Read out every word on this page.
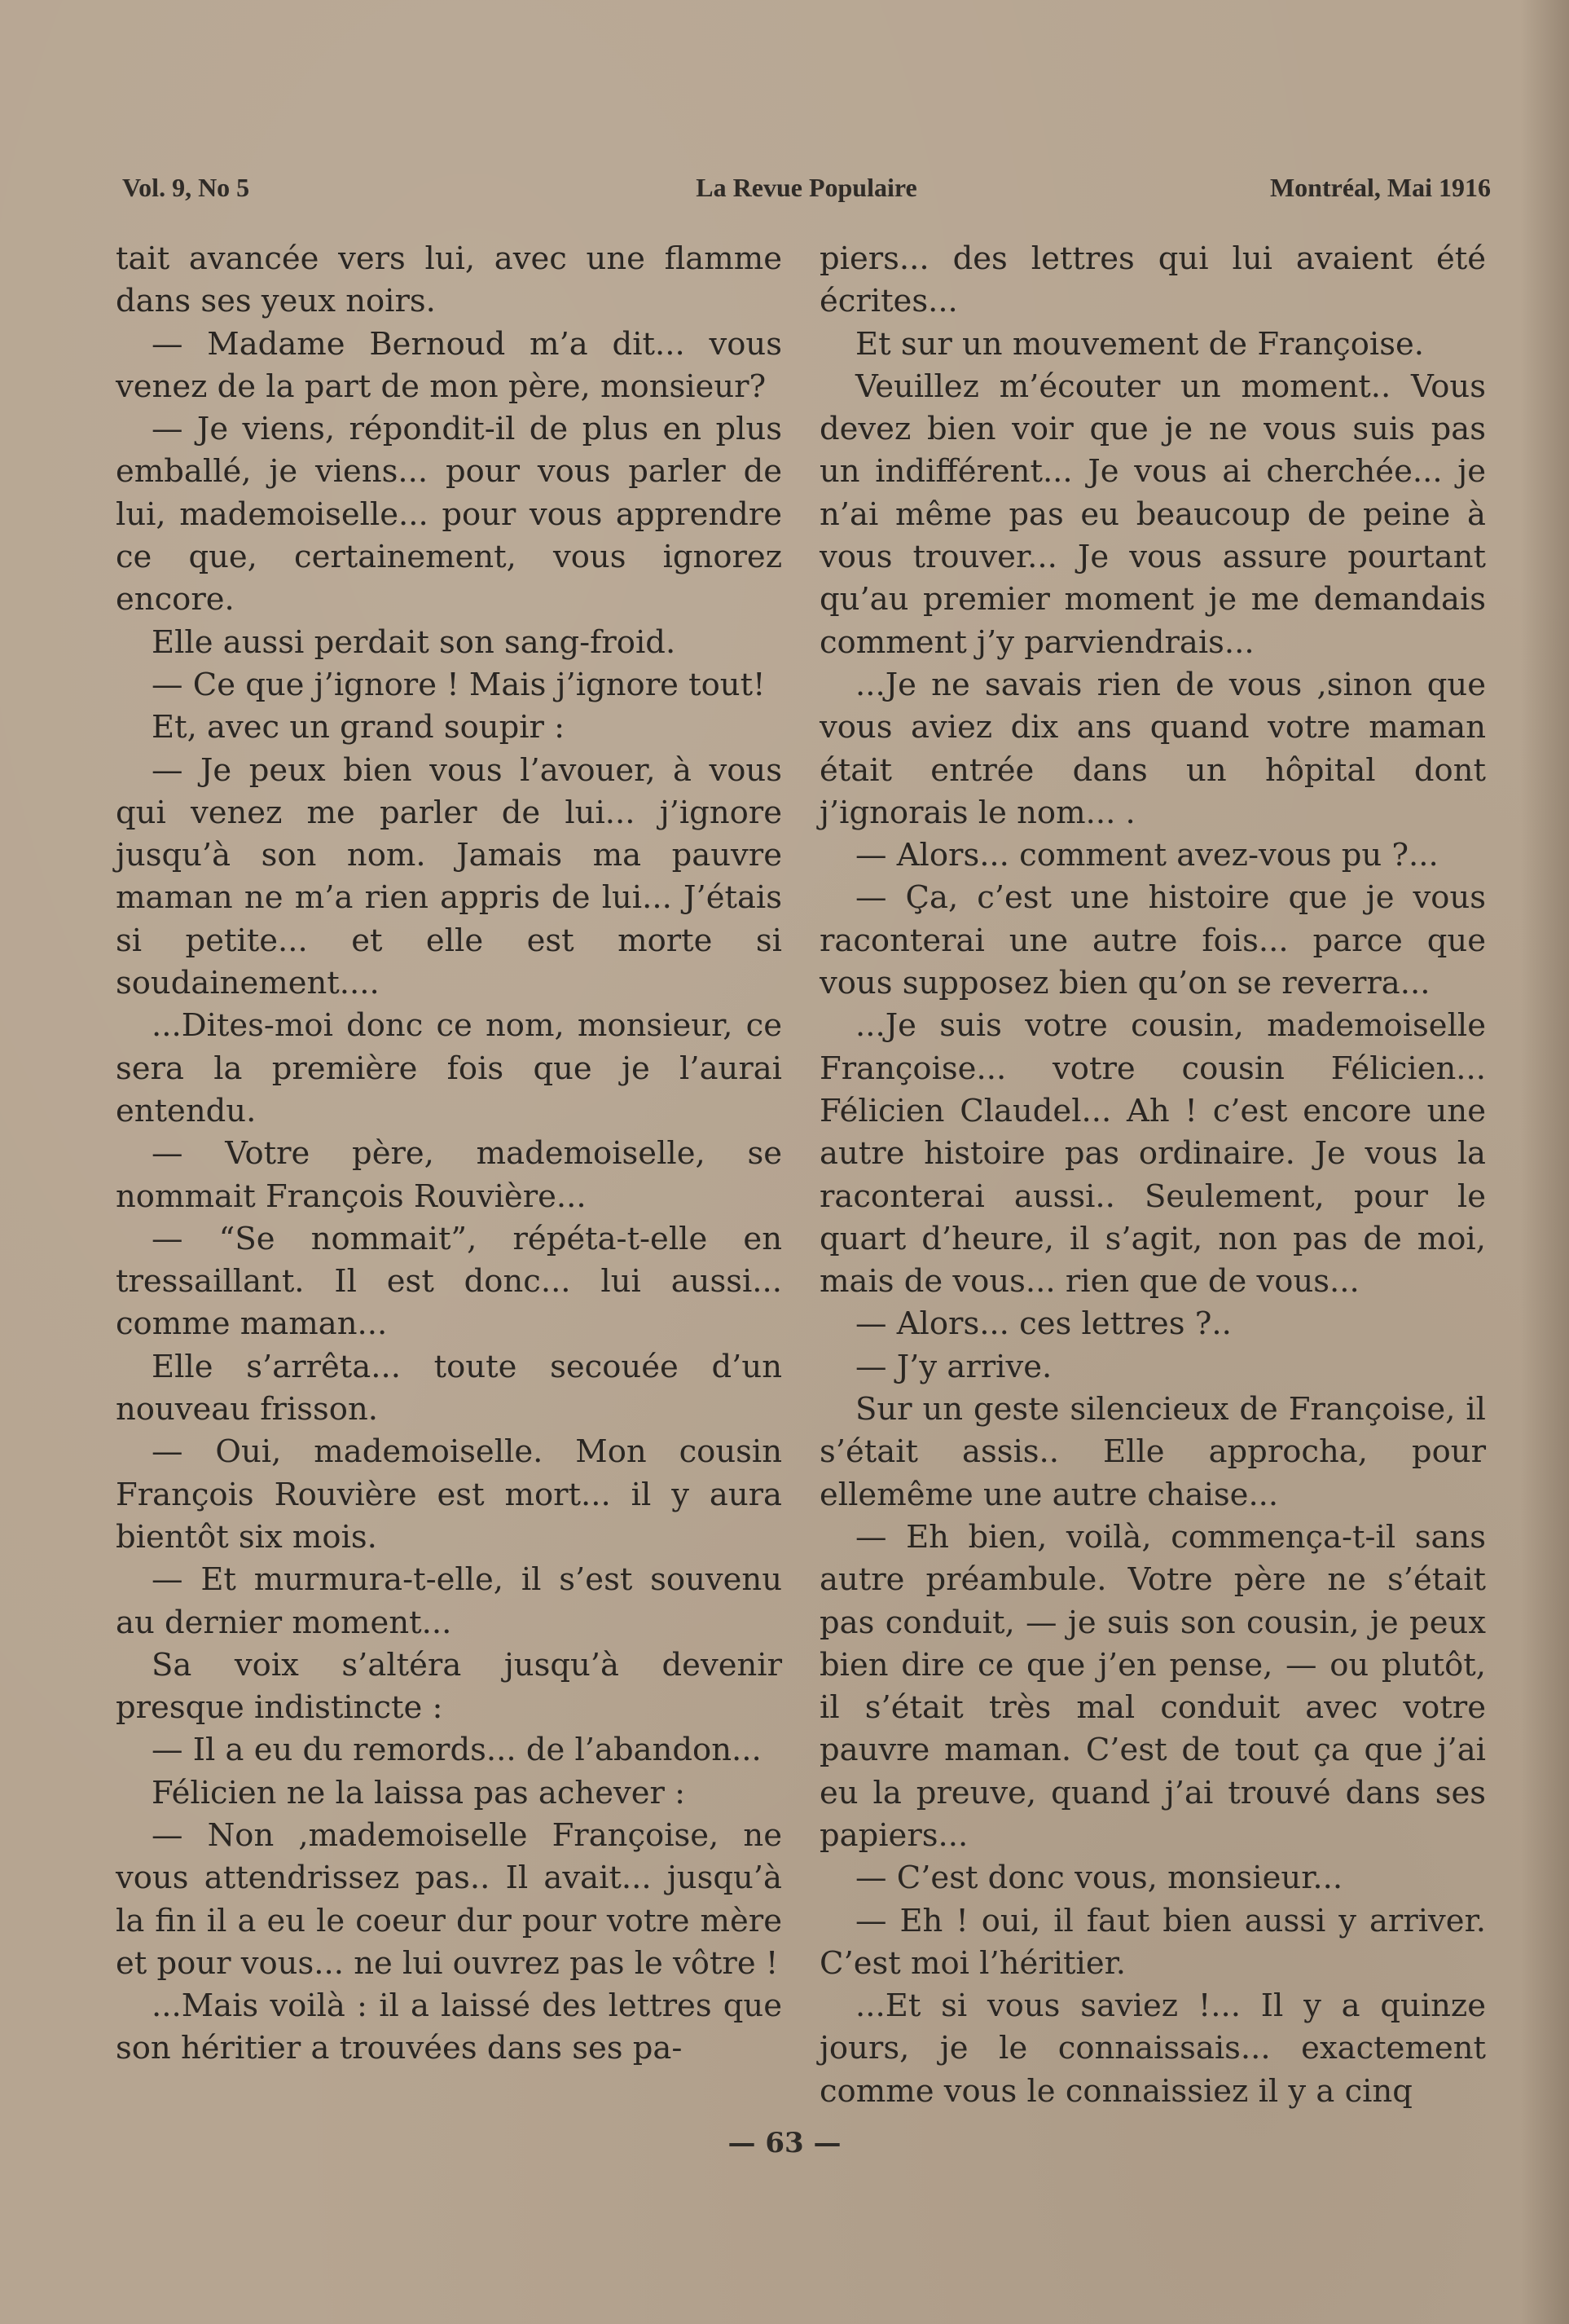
Vol. 9, No 5	La Revue Populaire	Montréal, Mai 1916

tait avancée vers lui, avec une flamme dans ses yeux noirs.

— Madame Bernoud m’a dit... vous venez de la part de mon père, monsieur?

— Je viens, répondit-il de plus en plus emballé, je viens... pour vous parler de lui, mademoiselle... pour vous apprendre ce que, certainement, vous ignorez encore.

Elle aussi perdait son sang-froid.

— Ce que j’ignore ! Mais j’ignore tout!

Et, avec un grand soupir :

— Je peux bien vous l’avouer, à vous qui venez me parler de lui... j’ignore jusqu’à son nom. Jamais ma pauvre maman ne m’a rien appris de lui... J’étais si petite... et elle est morte si soudainement....

...Dites-moi donc ce nom, monsieur, ce sera la première fois que je l’aurai entendu.

— Votre père, mademoiselle, se nommait François Rouvière...

— “Se nommait”, répéta-t-elle en tressaillant. Il est donc... lui aussi... comme maman...

Elle s’arrêta... toute secouée d’un nouveau frisson.

— Oui, mademoiselle. Mon cousin François Rouvière est mort... il y aura bientôt six mois.

— Et murmura-t-elle, il s’est souvenu au dernier moment...

Sa voix s’altéra jusqu’à devenir presque indistincte :

— Il a eu du remords... de l’abandon...

Félicien ne la laissa pas achever :

— Non ,mademoiselle Françoise, ne vous attendrissez pas.. Il avait... jusqu’à la fin il a eu le coeur dur pour votre mère et pour vous... ne lui ouvrez pas le vôtre !

...Mais voilà : il a laissé des lettres que son héritier a trouvées dans ses pa-

piers... des lettres qui lui avaient été écrites...

Et sur un mouvement de Françoise.

Veuillez m’écouter un moment.. Vous devez bien voir que je ne vous suis pas un indifférent... Je vous ai cherchée... je n’ai même pas eu beaucoup de peine à vous trouver... Je vous assure pourtant qu’au premier moment je me demandais comment j’y parviendrais...

...Je ne savais rien de vous ,sinon que vous aviez dix ans quand votre maman était entrée dans un hôpital dont j’ignorais le nom... .

— Alors... comment avez-vous pu ?...

— Ça, c’est une histoire que je vous raconterai une autre fois... parce que vous supposez bien qu’on se reverra...

...Je suis votre cousin, mademoiselle Françoise... votre cousin Félicien... Félicien Claudel... Ah ! c’est encore une autre histoire pas ordinaire. Je vous la raconterai aussi.. Seulement, pour le quart d’heure, il s’agit, non pas de moi, mais de vous... rien que de vous...

— Alors... ces lettres ?..

— J’y arrive.

Sur un geste silencieux de Françoise, il s’était assis.. Elle approcha, pour ellemême une autre chaise...

— Eh bien, voilà, commença-t-il sans autre préambule. Votre père ne s’était pas conduit, — je suis son cousin, je peux bien dire ce que j’en pense, — ou plutôt, il s’était très mal conduit avec votre pauvre maman. C’est de tout ça que j’ai eu la preuve, quand j’ai trouvé dans ses papiers...

— C’est donc vous, monsieur...

— Eh ! oui, il faut bien aussi y arriver. C’est moi l’héritier.

...Et si vous saviez !... Il y a quinze jours, je le connaissais... exactement comme vous le connaissiez il y a cinq

— 63 —
